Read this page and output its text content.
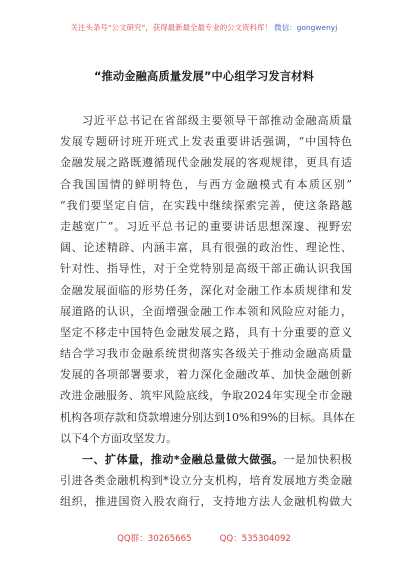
关注头条号“公文研究”，获得最新最全最专业的公文资料库！ 微信：gongwenyj
“推动金融高质量发展”中心组学习发言材料
习近平总书记在省部级主要领导干部推动金融高质量
发展专题研讨班开班式上发表重要讲话强调，“中国特色
金融发展之路既遵循现代金融发展的客观规律，更具有适
合我国国情的鲜明特色，与西方金融模式有本质区别”
“我们要坚定自信，在实践中继续探索完善，使这条路越
走越宽广”。习近平总书记的重要讲话思想深邃、视野宏
阔、论述精辟、内涵丰富，具有很强的政治性、理论性、
针对性、指导性，对于全党特别是高级干部正确认识我国
金融发展面临的形势任务，深化对金融工作本质规律和发
展道路的认识，全面增强金融工作本领和风险应对能力，
坚定不移走中国特色金融发展之路，具有十分重要的意义
结合学习我市金融系统贯彻落实各级关于推动金融高质量
发展的各项部署要求，着力深化金融改革、加快金融创新
改进金融服务、筑牢风险底线，争取2024年实现全市金融
机构各项存款和贷款增速分别达到10%和9%的目标。具体在
以下4个方面攻坚发力。
一、扩体量，推动*金融总量做大做强。一是加快积极
引进各类金融机构到*设立分支机构，培育发展地方类金融
组织，推进国资入股农商行，支持地方法人金融机构做大
QQ群：30265665	QQ：535304092
